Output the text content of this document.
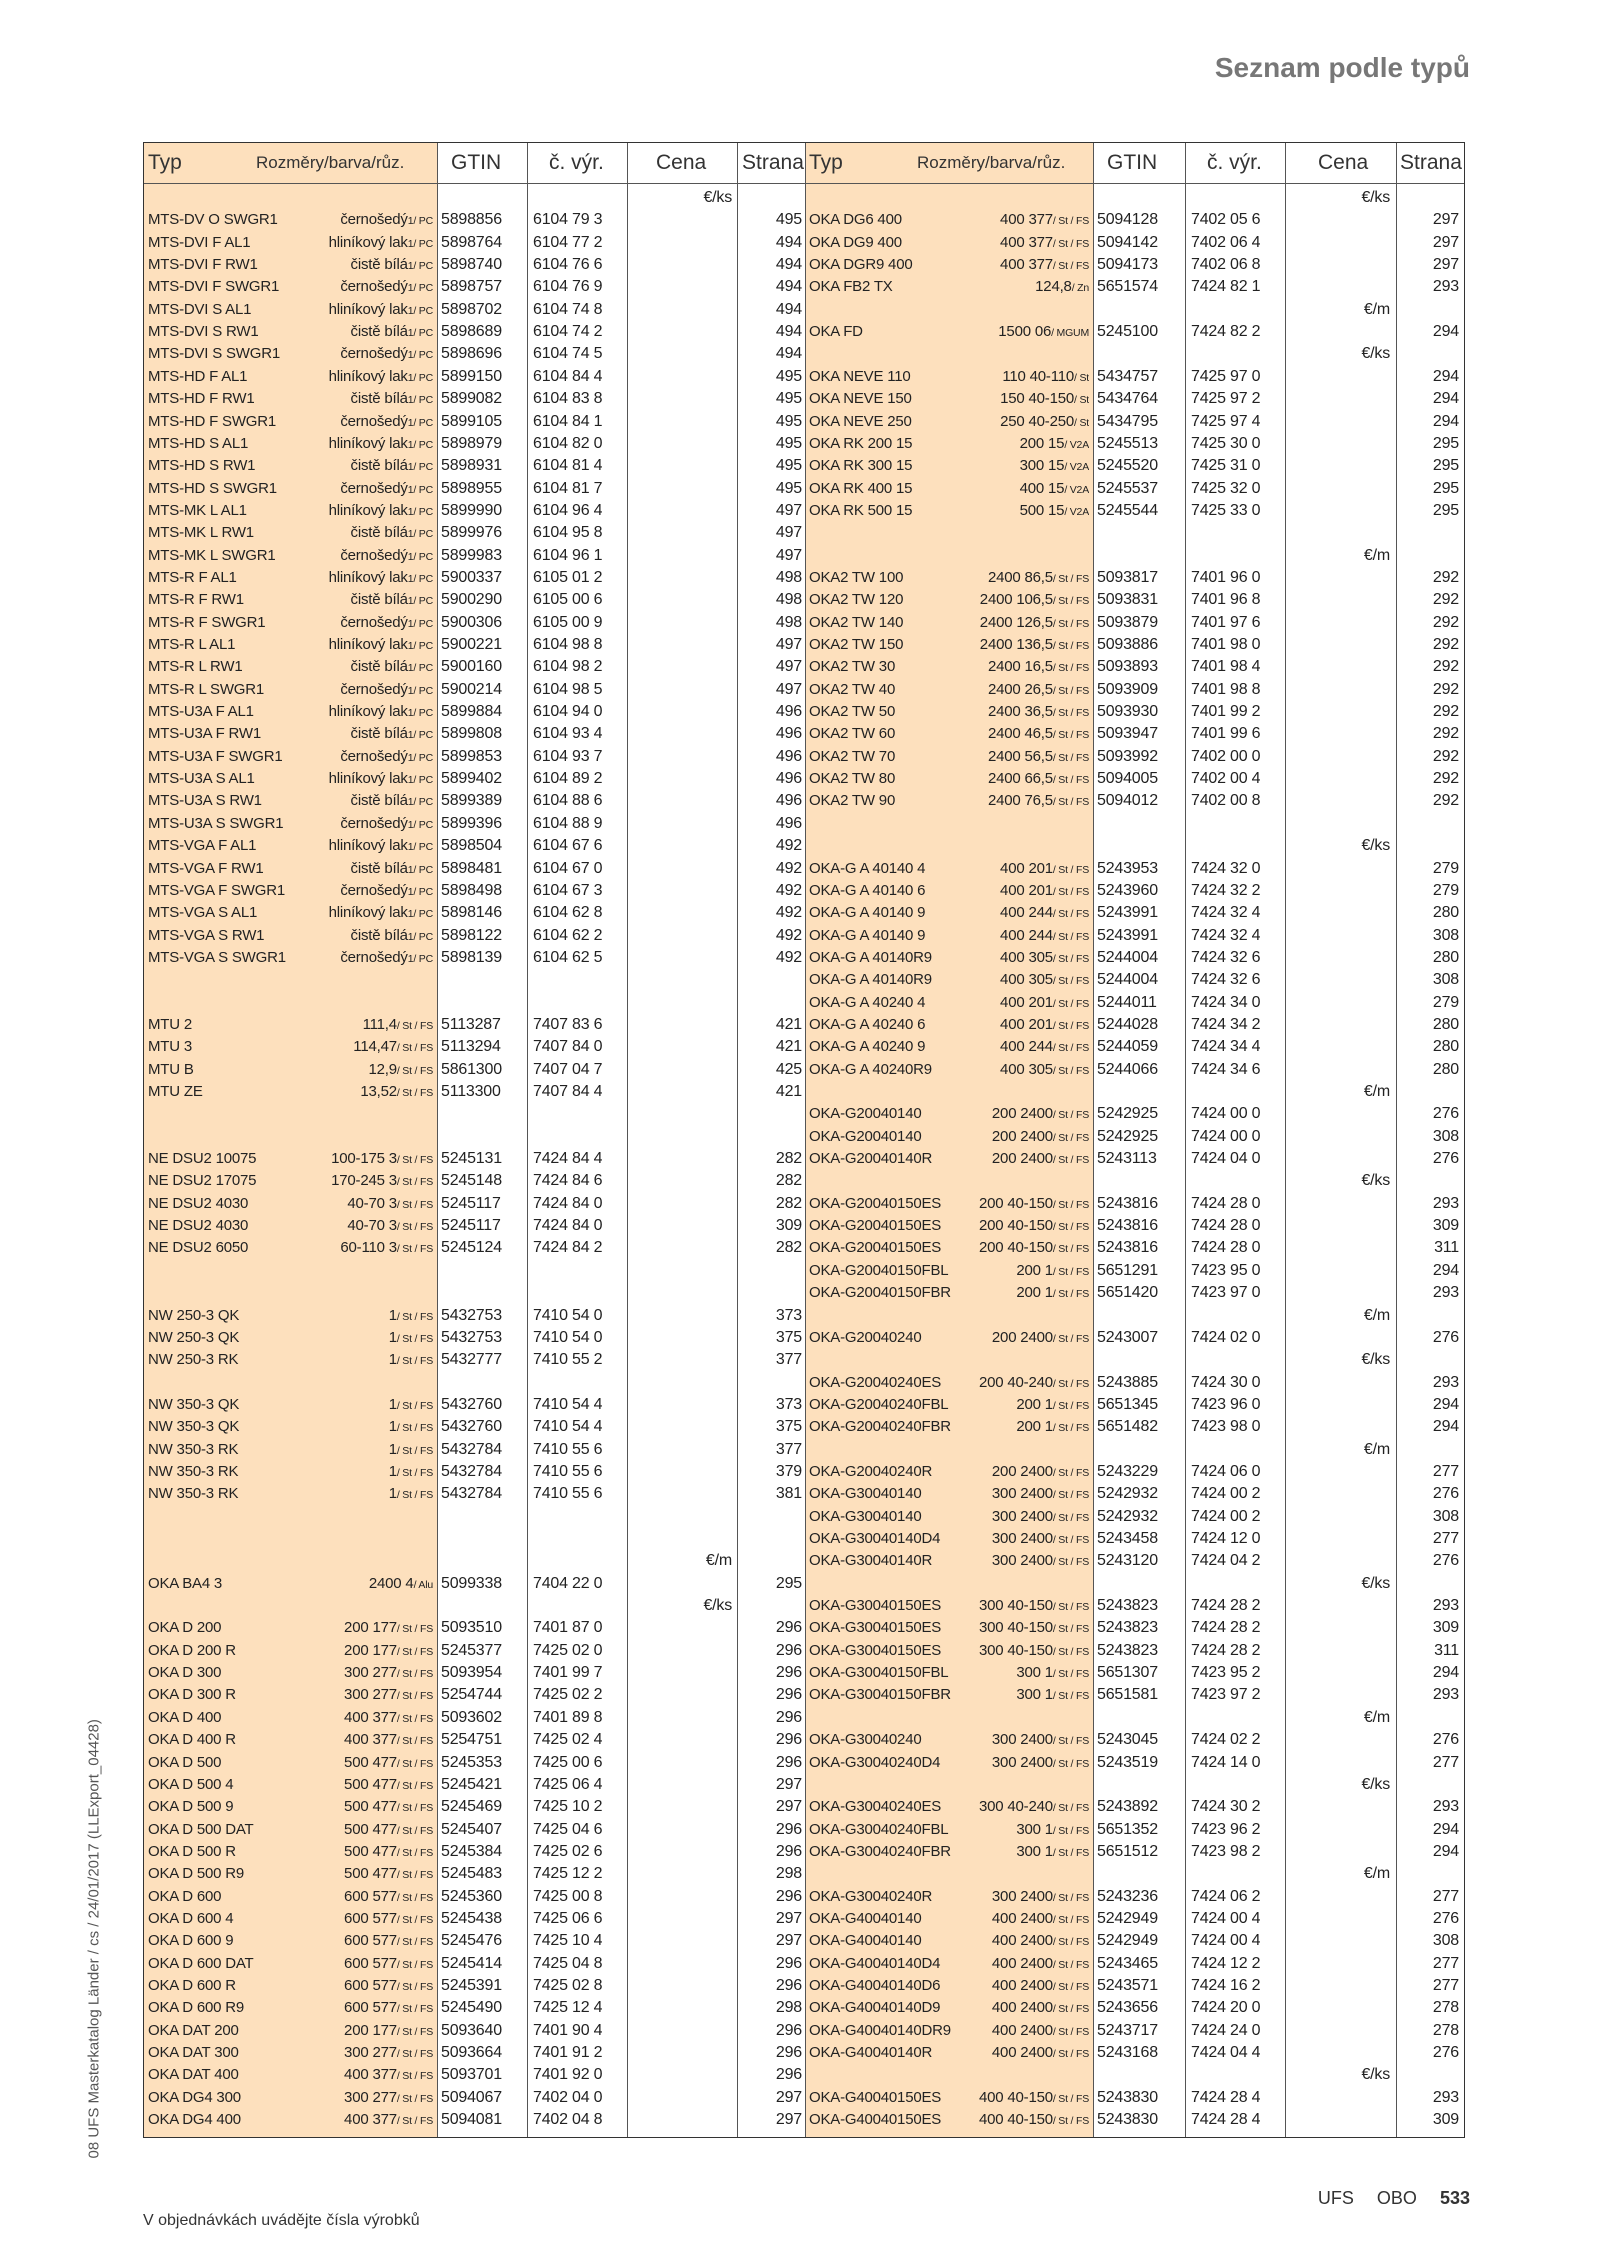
Seznam podle typů
08 UFS Masterkatalog Länder / cs / 24/01/2017 (LLExport_04428)
Typ	Rozměry/barva/růz. GTIN č. výr. Cena Strana
€/ks
MTS-DV O SWGR1	černošedý1/ PC 5898856 6104 79 3	495
MTS-DVI F AL1	hliníkový lak1/ PC 5898764 6104 77 2	494
MTS-DVI F RW1	čistě bílá1/ PC 5898740 6104 76 6	494
MTS-DVI F SWGR1	černošedý1/ PC 5898757 6104 76 9	494
MTS-DVI S AL1	hliníkový lak1/ PC 5898702 6104 74 8	494
MTS-DVI S RW1	čistě bílá1/ PC 5898689 6104 74 2	494
MTS-DVI S SWGR1	černošedý1/ PC 5898696 6104 74 5	494
MTS-HD F AL1	hliníkový lak1/ PC 5899150 6104 84 4	495
MTS-HD F RW1	čistě bílá1/ PC 5899082 6104 83 8	495
MTS-HD F SWGR1	černošedý1/ PC 5899105 6104 84 1	495
MTS-HD S AL1	hliníkový lak1/ PC 5898979 6104 82 0	495
MTS-HD S RW1	čistě bílá1/ PC 5898931 6104 81 4	495
MTS-HD S SWGR1	černošedý1/ PC 5898955 6104 81 7	495
MTS-MK L AL1	hliníkový lak1/ PC 5899990 6104 96 4	497
MTS-MK L RW1	čistě bílá1/ PC 5899976 6104 95 8	497
MTS-MK L SWGR1	černošedý1/ PC 5899983 6104 96 1	497
MTS-R F AL1	hliníkový lak1/ PC 5900337 6105 01 2	498
MTS-R F RW1	čistě bílá1/ PC 5900290 6105 00 6	498
MTS-R F SWGR1	černošedý1/ PC 5900306 6105 00 9	498
MTS-R L AL1	hliníkový lak1/ PC 5900221 6104 98 8	497
MTS-R L RW1	čistě bílá1/ PC 5900160 6104 98 2	497
MTS-R L SWGR1	černošedý1/ PC 5900214 6104 98 5	497
MTS-U3A F AL1	hliníkový lak1/ PC 5899884 6104 94 0	496
MTS-U3A F RW1	čistě bílá1/ PC 5899808 6104 93 4	496
MTS-U3A F SWGR1	černošedý1/ PC 5899853 6104 93 7	496
MTS-U3A S AL1	hliníkový lak1/ PC 5899402 6104 89 2	496
MTS-U3A S RW1	čistě bílá1/ PC 5899389 6104 88 6	496
MTS-U3A S SWGR1	černošedý1/ PC 5899396 6104 88 9	496
MTS-VGA F AL1	hliníkový lak1/ PC 5898504 6104 67 6	492
MTS-VGA F RW1	čistě bílá1/ PC 5898481 6104 67 0	492
MTS-VGA F SWGR1	černošedý1/ PC 5898498 6104 67 3	492
MTS-VGA S AL1	hliníkový lak1/ PC 5898146 6104 62 8	492
MTS-VGA S RW1	čistě bílá1/ PC 5898122 6104 62 2	492
MTS-VGA S SWGR1	černošedý1/ PC 5898139 6104 62 5	492
MTU 2	111,4/ St / FS 5113287 7407 83 6	421
MTU 3	114,47/ St / FS 5113294 7407 84 0	421
MTU B	12,9/ St / FS 5861300 7407 04 7	425
MTU ZE	13,52/ St / FS 5113300 7407 84 4	421
NE DSU2 10075	100-175 3/ St / FS 5245131 7424 84 4	282
NE DSU2 17075	170-245 3/ St / FS 5245148 7424 84 6	282
NE DSU2 4030	40-70 3/ St / FS 5245117 7424 84 0	282
NE DSU2 4030	40-70 3/ St / FS 5245117 7424 84 0	309
NE DSU2 6050	60-110 3/ St / FS 5245124 7424 84 2	282
NW 250-3 QK	1/ St / FS 5432753 7410 54 0	373
NW 250-3 QK	1/ St / FS 5432753 7410 54 0	375
NW 250-3 RK	1/ St / FS 5432777 7410 55 2	377
NW 350-3 QK	1/ St / FS 5432760 7410 54 4	373
NW 350-3 QK	1/ St / FS 5432760 7410 54 4	375
NW 350-3 RK	1/ St / FS 5432784 7410 55 6	377
NW 350-3 RK	1/ St / FS 5432784 7410 55 6	379
NW 350-3 RK	1/ St / FS 5432784 7410 55 6	381
€/m
OKA BA4 3	2400 4/ Alu 5099338 7404 22 0	295
€/ks
OKA D 200	200 177/ St / FS 5093510 7401 87 0	296
OKA D 200 R	200 177/ St / FS 5245377 7425 02 0	296
OKA D 300	300 277/ St / FS 5093954 7401 99 7	296
OKA D 300 R	300 277/ St / FS 5254744 7425 02 2	296
OKA D 400	400 377/ St / FS 5093602 7401 89 8	296
OKA D 400 R	400 377/ St / FS 5254751 7425 02 4	296
OKA D 500	500 477/ St / FS 5245353 7425 00 6	296
OKA D 500 4	500 477/ St / FS 5245421 7425 06 4	297
OKA D 500 9	500 477/ St / FS 5245469 7425 10 2	297
OKA D 500 DAT	500 477/ St / FS 5245407 7425 04 6	296
OKA D 500 R	500 477/ St / FS 5245384 7425 02 6	296
OKA D 500 R9	500 477/ St / FS 5245483 7425 12 2	298
OKA D 600	600 577/ St / FS 5245360 7425 00 8	296
OKA D 600 4	600 577/ St / FS 5245438 7425 06 6	297
OKA D 600 9	600 577/ St / FS 5245476 7425 10 4	297
OKA D 600 DAT	600 577/ St / FS 5245414 7425 04 8	296
OKA D 600 R	600 577/ St / FS 5245391 7425 02 8	296
OKA D 600 R9	600 577/ St / FS 5245490 7425 12 4	298
OKA DAT 200	200 177/ St / FS 5093640 7401 90 4	296
OKA DAT 300	300 277/ St / FS 5093664 7401 91 2	296
OKA DAT 400	400 377/ St / FS 5093701 7401 92 0	296
OKA DG4 300	300 277/ St / FS 5094067 7402 04 0	297
OKA DG4 400	400 377/ St / FS 5094081 7402 04 8	297
Typ	Rozměry/barva/růz. GTIN č. výr.	Cena Strana
€/ks
OKA DG6 400	400 377/ St / FS 5094128 7402 05 6	297
OKA DG9 400	400 377/ St / FS 5094142 7402 06 4	297
OKA DGR9 400	400 377/ St / FS 5094173 7402 06 8	297
OKA FB2 TX	124,8/ Zn 5651574 7424 82 1	293
€/m
OKA FD	1500 06/ MGUM 5245100 7424 82 2	294
€/ks
OKA NEVE 110	110 40-110/ St 5434757 7425 97 0	294
OKA NEVE 150	150 40-150/ St 5434764 7425 97 2	294
OKA NEVE 250	250 40-250/ St 5434795 7425 97 4	294
OKA RK 200 15	200 15/ V2A 5245513 7425 30 0	295
OKA RK 300 15	300 15/ V2A 5245520 7425 31 0	295
OKA RK 400 15	400 15/ V2A 5245537 7425 32 0	295
OKA RK 500 15	500 15/ V2A 5245544 7425 33 0	295
€/m
OKA2 TW 100	2400 86,5/ St / FS 5093817 7401 96 0	292
OKA2 TW 120	2400 106,5/ St / FS 5093831 7401 96 8	292
OKA2 TW 140	2400 126,5/ St / FS 5093879 7401 97 6	292
OKA2 TW 150	2400 136,5/ St / FS 5093886 7401 98 0	292
OKA2 TW 30	2400 16,5/ St / FS 5093893 7401 98 4	292
OKA2 TW 40	2400 26,5/ St / FS 5093909 7401 98 8	292
OKA2 TW 50	2400 36,5/ St / FS 5093930 7401 99 2	292
OKA2 TW 60	2400 46,5/ St / FS 5093947 7401 99 6	292
OKA2 TW 70	2400 56,5/ St / FS 5093992 7402 00 0	292
OKA2 TW 80	2400 66,5/ St / FS 5094005 7402 00 4	292
OKA2 TW 90	2400 76,5/ St / FS 5094012 7402 00 8	292
€/ks
OKA-G A 40140 4	400 201/ St / FS 5243953 7424 32 0	279
OKA-G A 40140 6	400 201/ St / FS 5243960 7424 32 2	279
OKA-G A 40140 9	400 244/ St / FS 5243991 7424 32 4	280
OKA-G A 40140 9	400 244/ St / FS 5243991 7424 32 4	308
OKA-G A 40140R9	400 305/ St / FS 5244004 7424 32 6	280
OKA-G A 40140R9	400 305/ St / FS 5244004 7424 32 6	308
OKA-G A 40240 4	400 201/ St / FS 5244011 7424 34 0	279
OKA-G A 40240 6	400 201/ St / FS 5244028 7424 34 2	280
OKA-G A 40240 9	400 244/ St / FS 5244059 7424 34 4	280
OKA-G A 40240R9	400 305/ St / FS 5244066 7424 34 6	280
€/m
OKA-G20040140	200 2400/ St / FS 5242925 7424 00 0	276
OKA-G20040140	200 2400/ St / FS 5242925 7424 00 0	308
OKA-G20040140R	200 2400/ St / FS 5243113 7424 04 0	276
€/ks
OKA-G20040150ES	200 40-150/ St / FS 5243816 7424 28 0	293
OKA-G20040150ES	200 40-150/ St / FS 5243816 7424 28 0	309
OKA-G20040150ES	200 40-150/ St / FS 5243816 7424 28 0	311
OKA-G20040150FBL	200 1/ St / FS 5651291 7423 95 0	294
OKA-G20040150FBR	200 1/ St / FS 5651420 7423 97 0	293
€/m
OKA-G20040240	200 2400/ St / FS 5243007 7424 02 0	276
€/ks
OKA-G20040240ES	200 40-240/ St / FS 5243885 7424 30 0	293
OKA-G20040240FBL	200 1/ St / FS 5651345 7423 96 0	294
OKA-G20040240FBR	200 1/ St / FS 5651482 7423 98 0	294
€/m
OKA-G20040240R	200 2400/ St / FS 5243229 7424 06 0	277
OKA-G30040140	300 2400/ St / FS 5242932 7424 00 2	276
OKA-G30040140	300 2400/ St / FS 5242932 7424 00 2	308
OKA-G30040140D4	300 2400/ St / FS 5243458 7424 12 0	277
OKA-G30040140R	300 2400/ St / FS 5243120 7424 04 2	276
€/ks
OKA-G30040150ES	300 40-150/ St / FS 5243823 7424 28 2	293
OKA-G30040150ES	300 40-150/ St / FS 5243823 7424 28 2	309
OKA-G30040150ES	300 40-150/ St / FS 5243823 7424 28 2	311
OKA-G30040150FBL	300 1/ St / FS 5651307 7423 95 2	294
OKA-G30040150FBR	300 1/ St / FS 5651581 7423 97 2	293
€/m
OKA-G30040240	300 2400/ St / FS 5243045 7424 02 2	276
OKA-G30040240D4	300 2400/ St / FS 5243519 7424 14 0	277
€/ks
OKA-G30040240ES	300 40-240/ St / FS 5243892 7424 30 2	293
OKA-G30040240FBL	300 1/ St / FS 5651352 7423 96 2	294
OKA-G30040240FBR	300 1/ St / FS 5651512 7423 98 2	294
€/m
OKA-G30040240R	300 2400/ St / FS 5243236 7424 06 2	277
OKA-G40040140	400 2400/ St / FS 5242949 7424 00 4	276
OKA-G40040140	400 2400/ St / FS 5242949 7424 00 4	308
OKA-G40040140D4	400 2400/ St / FS 5243465 7424 12 2	277
OKA-G40040140D6	400 2400/ St / FS 5243571 7424 16 2	277
OKA-G40040140D9	400 2400/ St / FS 5243656 7424 20 0	278
OKA-G40040140DR9	400 2400/ St / FS 5243717 7424 24 0	278
OKA-G40040140R	400 2400/ St / FS 5243168 7424 04 4	276
€/ks
OKA-G40040150ES	400 40-150/ St / FS 5243830 7424 28 4	293
OKA-G40040150ES	400 40-150/ St / FS 5243830 7424 28 4	309
V objednávkách uvádějte čísla výrobků
UFS OBO 533
